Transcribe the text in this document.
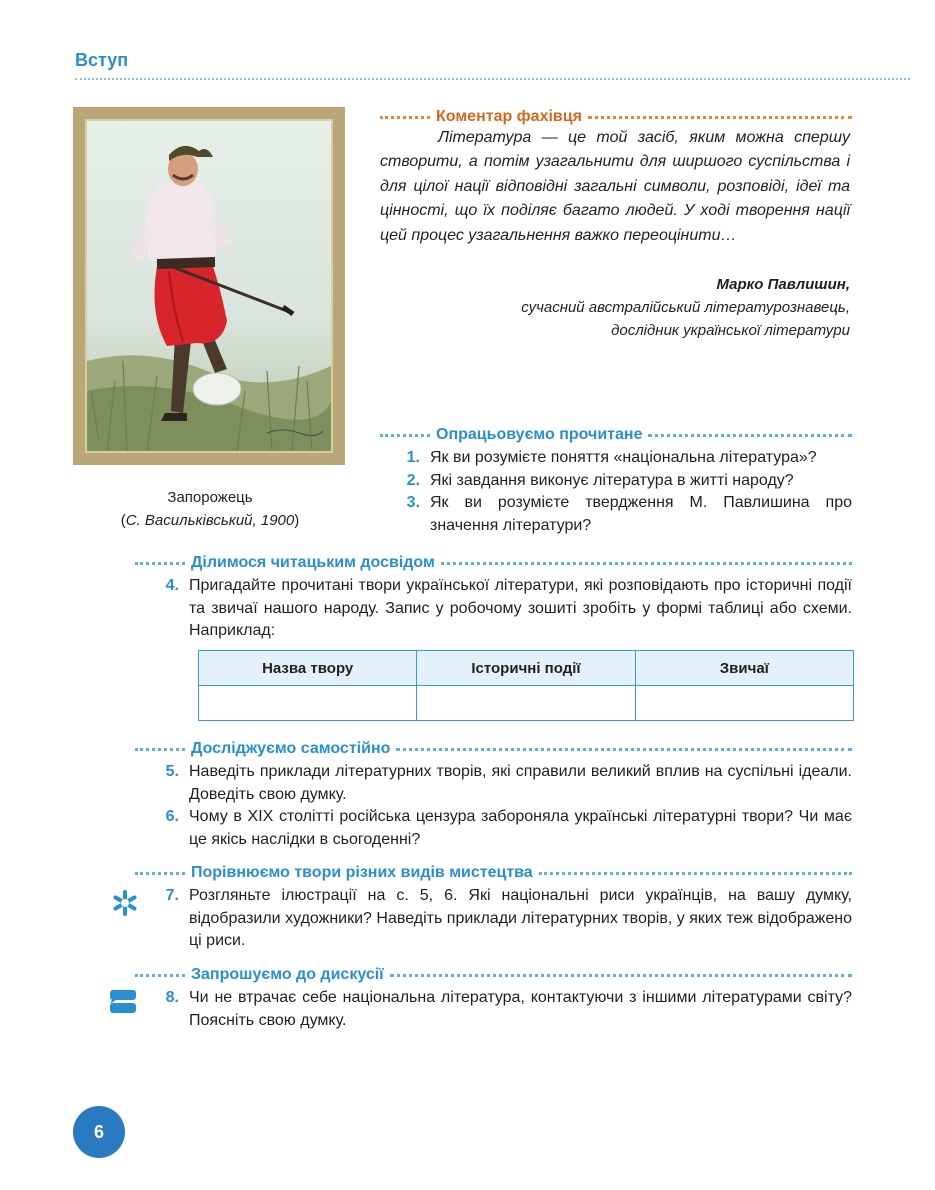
Вступ
Запорожець
(С. Васильківський, 1900)
Коментар фахівця
Література — це той засіб, яким можна спершу створити, а потім узагальнити для ширшого суспільства і для цілої нації відповідні загальні символи, розповіді, ідеї та цінності, що їх поділяє багато людей. У ході творення нації цей процес узагальнення важко переоцінити…
Марко Павлишин,
сучасний австралійський літературознавець,
дослідник української літератури
Опрацьовуємо прочитане
1. Як ви розумієте поняття «національна література»?
2. Які завдання виконує література в житті народу?
3. Як ви розумієте твердження М. Павлишина про значення літератури?
Ділимося читацьким досвідом
4. Пригадайте прочитані твори української літератури, які розповідають про історичні події та звичаї нашого народу. Запис у робочому зошиті зробіть у формі таблиці або схеми. Наприклад:
Назва твору	Історичні події	Звичаї

Досліджуємо самостійно
5. Наведіть приклади літературних творів, які справили великий вплив на суспільні ідеали. Доведіть свою думку.
6. Чому в XIX столітті російська цензура забороняла українські літературні твори? Чи має це якісь наслідки в сьогоденні?
Порівнюємо твори різних видів мистецтва
7. Розгляньте ілюстрації на с. 5, 6. Які національні риси українців, на вашу думку, відобразили художники? Наведіть приклади літературних творів, у яких теж відображено ці риси.
Запрошуємо до дискусії
8. Чи не втрачає себе національна література, контактуючи з іншими літературами світу? Поясніть свою думку.
6
